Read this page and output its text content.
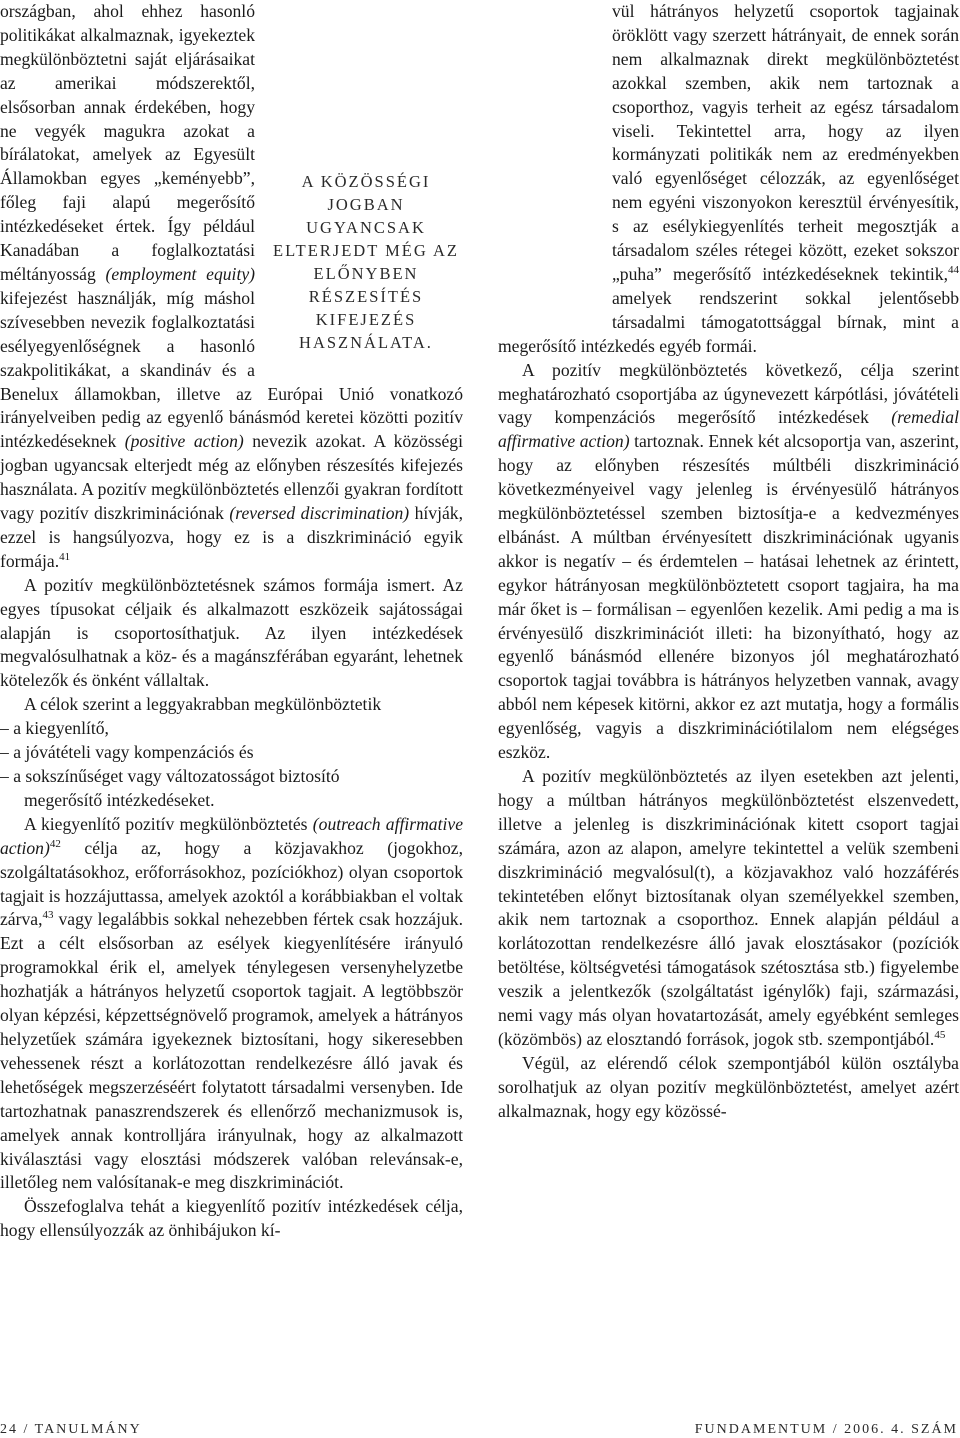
A KÖZÖSSÉGI JOGBAN UGYANCSAK ELTERJEDT MÉG AZ ELŐNYBEN RÉSZESÍTÉS KIFEJEZÉS HASZNÁLATA.

országban, ahol ehhez hasonló politikákat alkalmaznak, igyekeztek megkülönböztetni saját eljárásaikat az amerikai módszerektől, elsősorban annak érdekében, hogy ne vegyék magukra azokat a bírálatokat, amelyek az Egyesült Államokban egyes „keményebb”, főleg faji alapú megerősítő intézkedéseket értek. Így például Kanadában a foglalkoztatási méltányosság (employment equity) kifejezést használják, míg máshol szívesebben nevezik foglalkoztatási esélyegyenlőségnek a hasonló szakpolitikákat, a skandináv és a Benelux államokban, illetve az Európai Unió vonatkozó irányelveiben pedig az egyenlő bánásmód keretei közötti pozitív intézkedéseknek (positive action) nevezik azokat. A közösségi jogban ugyancsak elterjedt még az előnyben részesítés kifejezés használata. A pozitív megkülönböztetés ellenzői gyakran fordított vagy pozitív diszkriminációnak (reversed discrimination) hívják, ezzel is hangsúlyozva, hogy ez is a diszkrimináció egyik formája.$^{41}$

A pozitív megkülönböztetésnek számos formája ismert. Az egyes típusokat céljaik és alkalmazott eszközeik sajátosságai alapján is csoportosíthatjuk. Az ilyen intézkedések megvalósulhatnak a köz- és a magánszférában egyaránt, lehetnek kötelezők és önként vállaltak.

A célok szerint a leggyakrabban megkülönböztetik

– a kiegyenlítő,
– a jóvátételi vagy kompenzációs és
– a sokszínűséget vagy változatosságot biztosító
megerősítő intézkedéseket.

A kiegyenlítő pozitív megkülönböztetés (outreach affirmative action)$^{42}$ célja az, hogy a közjavakhoz (jogokhoz, szolgáltatásokhoz, erőforrásokhoz, pozíciókhoz) olyan csoportok tagjait is hozzájuttassa, amelyek azoktól a korábbiakban el voltak zárva,$^{43}$ vagy legalábbis sokkal nehezebben fértek csak hozzájuk. Ezt a célt elsősorban az esélyek kiegyenlítésére irányuló programokkal érik el, amelyek ténylegesen versenyhelyzetbe hozhatják a hátrányos helyzetű csoportok tagjait. A legtöbbször olyan képzési, képzettségnövelő programok, amelyek a hátrányos helyzetűek számára igyekeznek biztosítani, hogy sikeresebben vehessenek részt a korlátozottan rendelkezésre álló javak és lehetőségek megszerzéséért folytatott társadalmi versenyben. Ide tartozhatnak panaszrendszerek és ellenőrző mechanizmusok is, amelyek annak kontrolljára irányulnak, hogy az alkalmazott kiválasztási vagy elosztási módszerek valóban relevánsak-e, illetőleg nem valósítanak-e meg diszkriminációt.

Összefoglalva tehát a kiegyenlítő pozitív intézkedések célja, hogy ellensúlyozzák az önhibájukon kí-

vül hátrányos helyzetű csoportok tagjainak öröklött vagy szerzett hátrányait, de ennek során nem alkalmaznak direkt megkülönböztetést azokkal szemben, akik nem tartoznak a csoporthoz, vagyis terheit az egész társadalom viseli. Tekintettel arra, hogy az ilyen kormányzati politikák nem az eredményekben való egyenlőséget célozzák, az egyenlőséget nem egyéni viszonyokon keresztül érvényesítik, s az esélykiegyenlítés terheit megosztják a társadalom széles rétegei között, ezeket sokszor „puha” megerősítő intézkedéseknek tekintik,$^{44}$ amelyek rendszerint sokkal jelentősebb társadalmi támogatottsággal bírnak, mint a megerősítő intézkedés egyéb formái.

A pozitív megkülönböztetés következő, célja szerint meghatározható csoportjába az úgynevezett kárpótlási, jóvátételi vagy kompenzációs megerősítő intézkedések (remedial affirmative action) tartoznak. Ennek két alcsoportja van, aszerint, hogy az előnyben részesítés múltbéli diszkrimináció következményeivel vagy jelenleg is érvényesülő hátrányos megkülönböztetéssel szemben biztosítja-e a kedvezményes elbánást. A múltban érvényesített diszkriminációnak ugyanis akkor is negatív – és érdemtelen – hatásai lehetnek az érintett, egykor hátrányosan megkülönböztetett csoport tagjaira, ha ma már őket is – formálisan – egyenlően kezelik. Ami pedig a ma is érvényesülő diszkriminációt illeti: ha bizonyítható, hogy az egyenlő bánásmód ellenére bizonyos jól meghatározható csoportok tagjai továbbra is hátrányos helyzetben vannak, avagy abból nem képesek kitörni, akkor ez azt mutatja, hogy a formális egyenlőség, vagyis a diszkriminációtilalom nem elégséges eszköz.

A pozitív megkülönböztetés az ilyen esetekben azt jelenti, hogy a múltban hátrányos megkülönböztetést elszenvedett, illetve a jelenleg is diszkriminációnak kitett csoport tagjai számára, azon az alapon, amelyre tekintettel a velük szembeni diszkrimináció megvalósul(t), a közjavakhoz való hozzáférés tekintetében előnyt biztosítanak olyan személyekkel szemben, akik nem tartoznak a csoporthoz. Ennek alapján például a korlátozottan rendelkezésre álló javak elosztásakor (pozíciók betöltése, költségvetési támogatások szétosztása stb.) figyelembe veszik a jelentkezők (szolgáltatást igénylők) faji, származási, nemi vagy más olyan hovatartozását, amely egyébként semleges (közömbös) az elosztandó források, jogok stb. szempontjából.$^{45}$

Végül, az elérendő célok szempontjából külön osztályba sorolhatjuk az olyan pozitív megkülönböztetést, amelyet azért alkalmaznak, hogy egy közössé-

24 / TANULMÁNY	FUNDAMENTUM / 2006. 4. SZÁM
